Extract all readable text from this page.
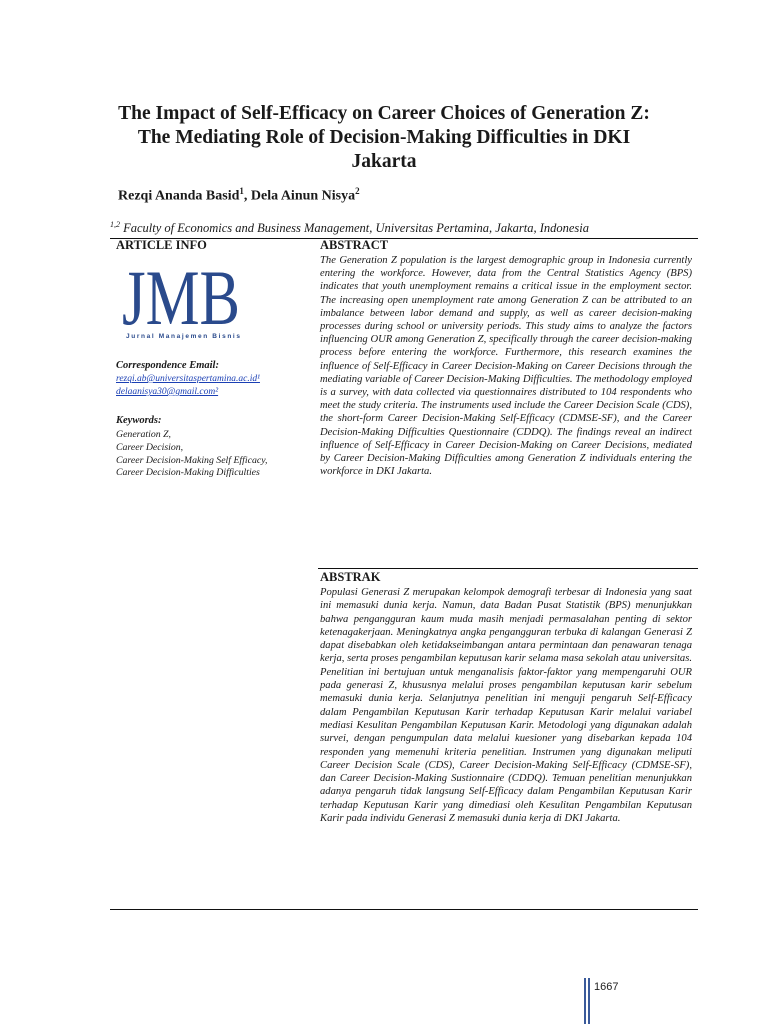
The Impact of Self-Efficacy on Career Choices of Generation Z:
The Mediating Role of Decision-Making Difficulties in DKI
Jakarta
Rezqi Ananda Basid$^1$, Dela Ainun Nisya$^2$
$^{1,2}$ Faculty of Economics and Business Management, Universitas Pertamina, Jakarta, Indonesia

ARTICLE INFO

JMB
Jurnal Manajemen Bisnis
Correspondence Email:
rezqi.ab@universitaspertamina.ac.id¹
delaanisya30@gmail.com²
Keywords:
Generation Z,
Career Decision,
Career Decision-Making Self Efficacy,
Career Decision-Making Difficulties

ABSTRACT

The Generation Z population is the largest demographic group in Indonesia currently entering the workforce. However, data from the Central Statistics Agency (BPS) indicates that youth unemployment remains a critical issue in the employment sector. The increasing open unemployment rate among Generation Z can be attributed to an imbalance between labor demand and supply, as well as career decision-making processes during school or university periods. This study aims to analyze the factors influencing OUR among Generation Z, specifically through the career decision-making process before entering the workforce. Furthermore, this research examines the influence of Self-Efficacy in Career Decision-Making on Career Decisions through the mediating variable of Career Decision-Making Difficulties. The methodology employed is a survey, with data collected via questionnaires distributed to 104 respondents who meet the study criteria. The instruments used include the Career Decision Scale (CDS), the short-form Career Decision-Making Self-Efficacy (CDMSE-SF), and the Career Decision-Making Difficulties Questionnaire (CDDQ). The findings reveal an indirect influence of Self-Efficacy in Career Decision-Making on Career Decisions, mediated by Career Decision-Making Difficulties among Generation Z individuals entering the workforce in DKI Jakarta.

ABSTRAK

Populasi Generasi Z merupakan kelompok demografi terbesar di Indonesia yang saat ini memasuki dunia kerja. Namun, data Badan Pusat Statistik (BPS) menunjukkan bahwa pengangguran kaum muda masih menjadi permasalahan penting di sektor ketenagakerjaan. Meningkatnya angka pengangguran terbuka di kalangan Generasi Z dapat disebabkan oleh ketidakseimbangan antara permintaan dan penawaran tenaga kerja, serta proses pengambilan keputusan karir selama masa sekolah atau universitas. Penelitian ini bertujuan untuk menganalisis faktor-faktor yang mempengaruhi OUR pada generasi Z, khususnya melalui proses pengambilan keputusan karir sebelum memasuki dunia kerja. Selanjutnya penelitian ini menguji pengaruh Self-Efficacy dalam Pengambilan Keputusan Karir terhadap Keputusan Karir melalui variabel mediasi Kesulitan Pengambilan Keputusan Karir. Metodologi yang digunakan adalah survei, dengan pengumpulan data melalui kuesioner yang disebarkan kepada 104 responden yang memenuhi kriteria penelitian. Instrumen yang digunakan meliputi Career Decision Scale (CDS), Career Decision-Making Self-Efficacy (CDMSE-SF), dan Career Decision-Making Sustionnaire (CDDQ). Temuan penelitian menunjukkan adanya pengaruh tidak langsung Self-Efficacy dalam Pengambilan Keputusan Karir terhadap Keputusan Karir yang dimediasi oleh Kesulitan Pengambilan Keputusan Karir pada individu Generasi Z memasuki dunia kerja di DKI Jakarta.

1667
